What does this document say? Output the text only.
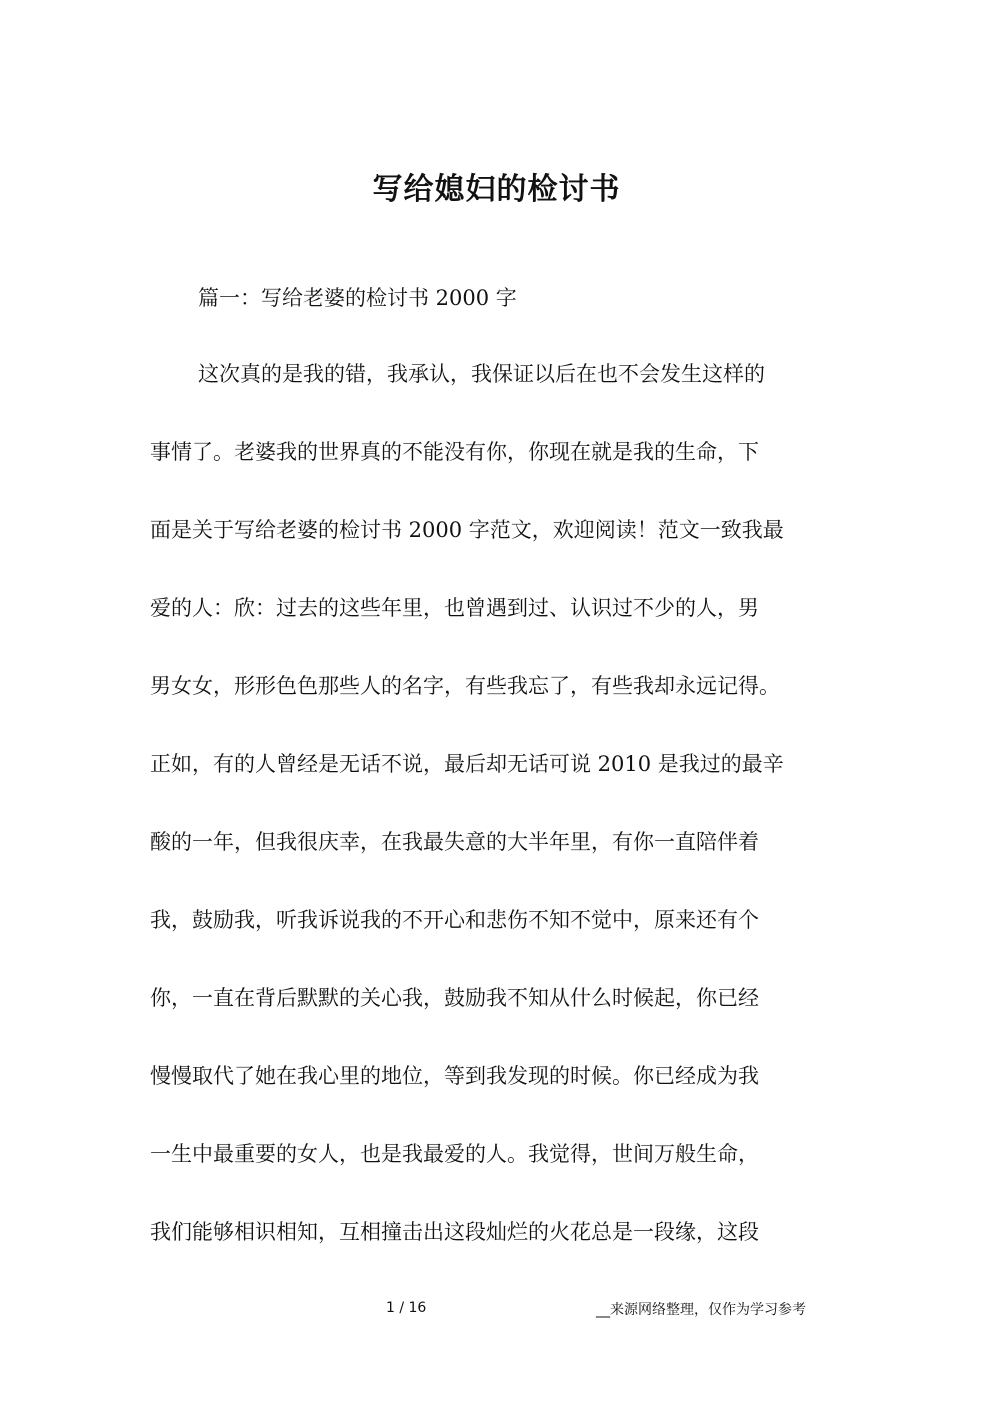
写给媳妇的检讨书
篇一：写给老婆的检讨书 2000 字
这次真的是我的错，我承认，我保证以后在也不会发生这样的
事情了。老婆我的世界真的不能没有你，你现在就是我的生命，下
面是关于写给老婆的检讨书 2000 字范文，欢迎阅读！范文一致我最
爱的人：欣：过去的这些年里，也曾遇到过、认识过不少的人，男
男女女，形形色色那些人的名字，有些我忘了，有些我却永远记得。
正如，有的人曾经是无话不说，最后却无话可说 2010 是我过的最辛
酸的一年，但我很庆幸，在我最失意的大半年里，有你一直陪伴着
我，鼓励我，听我诉说我的不开心和悲伤不知不觉中，原来还有个
你，一直在背后默默的关心我，鼓励我不知从什么时候起，你已经
慢慢取代了她在我心里的地位，等到我发现的时候。你已经成为我
一生中最重要的女人，也是我最爱的人。我觉得，世间万般生命，
我们能够相识相知，互相撞击出这段灿烂的火花总是一段缘，这段
1 / 16	__来源网络整理，仅作为学习参考
